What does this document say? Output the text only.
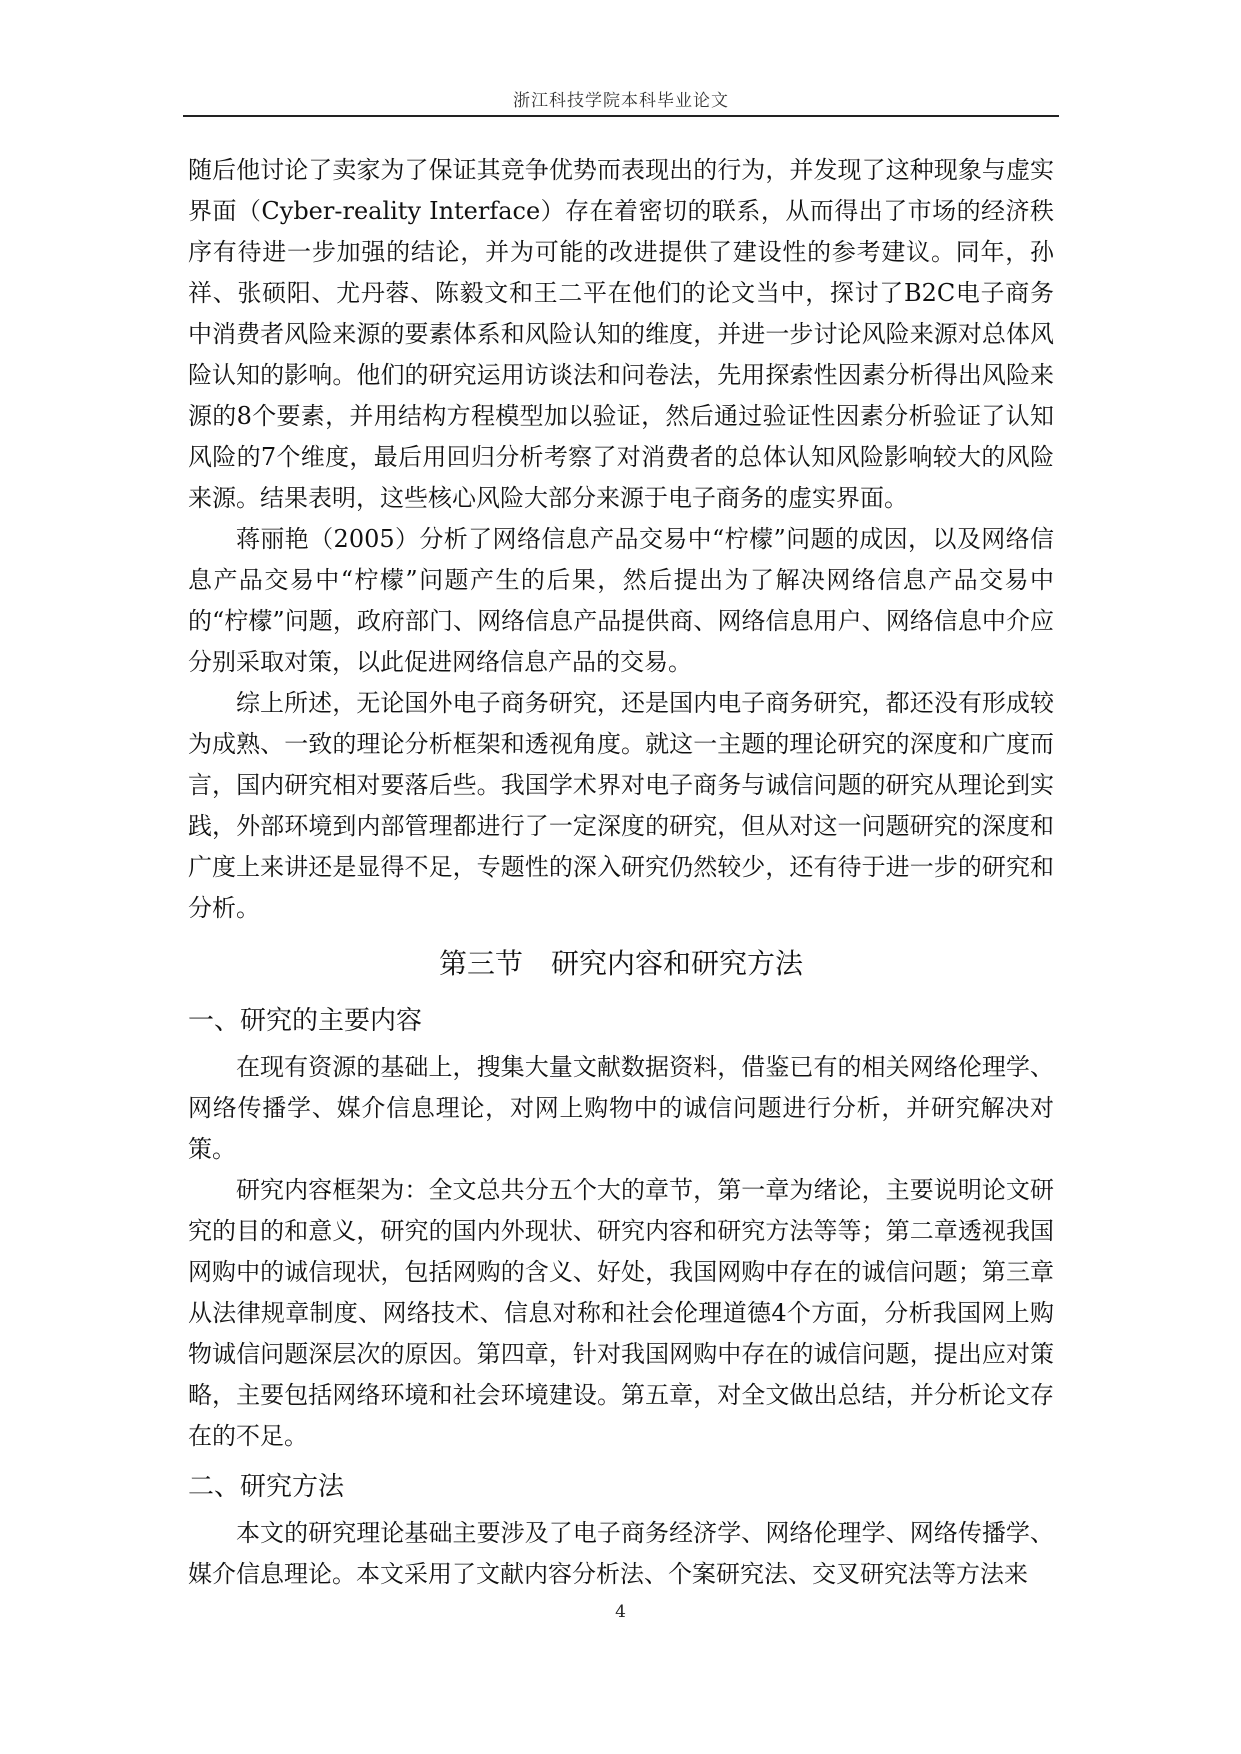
浙江科技学院本科毕业论文

随后他讨论了卖家为了保证其竞争优势而表现出的行为，并发现了这种现象与虚实界面（Cyber-reality Interface）存在着密切的联系，从而得出了市场的经济秩序有待进一步加强的结论，并为可能的改进提供了建设性的参考建议。同年，孙祥、张硕阳、尤丹蓉、陈毅文和王二平在他们的论文当中，探讨了B2C电子商务中消费者风险来源的要素体系和风险认知的维度，并进一步讨论风险来源对总体风险认知的影响。他们的研究运用访谈法和问卷法，先用探索性因素分析得出风险来源的8个要素，并用结构方程模型加以验证，然后通过验证性因素分析验证了认知风险的7个维度，最后用回归分析考察了对消费者的总体认知风险影响较大的风险来源。结果表明，这些核心风险大部分来源于电子商务的虚实界面。

蒋丽艳（2005）分析了网络信息产品交易中“柠檬”问题的成因，以及网络信息产品交易中“柠檬”问题产生的后果，然后提出为了解决网络信息产品交易中的“柠檬”问题，政府部门、网络信息产品提供商、网络信息用户、网络信息中介应分别采取对策，以此促进网络信息产品的交易。

综上所述，无论国外电子商务研究，还是国内电子商务研究，都还没有形成较为成熟、一致的理论分析框架和透视角度。就这一主题的理论研究的深度和广度而言，国内研究相对要落后些。我国学术界对电子商务与诚信问题的研究从理论到实践，外部环境到内部管理都进行了一定深度的研究，但从对这一问题研究的深度和广度上来讲还是显得不足，专题性的深入研究仍然较少，还有待于进一步的研究和分析。

第三节　研究内容和研究方法
一、研究的主要内容

在现有资源的基础上，搜集大量文献数据资料，借鉴已有的相关网络伦理学、网络传播学、媒介信息理论，对网上购物中的诚信问题进行分析，并研究解决对策。

研究内容框架为：全文总共分五个大的章节，第一章为绪论，主要说明论文研究的目的和意义，研究的国内外现状、研究内容和研究方法等等；第二章透视我国网购中的诚信现状，包括网购的含义、好处，我国网购中存在的诚信问题；第三章从法律规章制度、网络技术、信息对称和社会伦理道德4个方面，分析我国网上购物诚信问题深层次的原因。第四章，针对我国网购中存在的诚信问题，提出应对策略，主要包括网络环境和社会环境建设。第五章，对全文做出总结，并分析论文存在的不足。

二、研究方法

本文的研究理论基础主要涉及了电子商务经济学、网络伦理学、网络传播学、媒介信息理论。本文采用了文献内容分析法、个案研究法、交叉研究法等方法来

4
